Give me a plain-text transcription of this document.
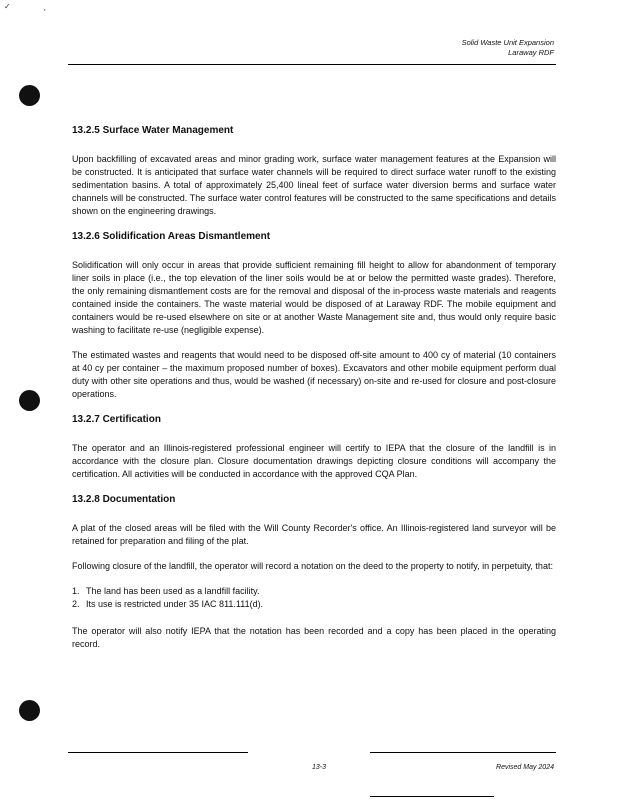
✓
'
Solid Waste Unit Expansion
Laraway RDF
13.2.5 Surface Water Management

Upon backfilling of excavated areas and minor grading work, surface water management features at the Expansion will be constructed. It is anticipated that surface water channels will be required to direct surface water runoff to the existing sedimentation basins. A total of approximately 25,400 lineal feet of surface water diversion berms and surface water channels will be constructed. The surface water control features will be constructed to the same specifications and details shown on the engineering drawings.

13.2.6 Solidification Areas Dismantlement

Solidification will only occur in areas that provide sufficient remaining fill height to allow for abandonment of temporary liner soils in place (i.e., the top elevation of the liner soils would be at or below the permitted waste grades). Therefore, the only remaining dismantlement costs are for the removal and disposal of the in-process waste materials and reagents contained inside the containers. The waste material would be disposed of at Laraway RDF. The mobile equipment and containers would be re-used elsewhere on site or at another Waste Management site and, thus would only require basic washing to facilitate re-use (negligible expense).

The estimated wastes and reagents that would need to be disposed off-site amount to 400 cy of material (10 containers at 40 cy per container – the maximum proposed number of boxes). Excavators and other mobile equipment perform dual duty with other site operations and thus, would be washed (if necessary) on-site and re-used for closure and post-closure operations.

13.2.7 Certification

The operator and an Illinois-registered professional engineer will certify to IEPA that the closure of the landfill is in accordance with the closure plan. Closure documentation drawings depicting closure conditions will accompany the certification. All activities will be conducted in accordance with the approved CQA Plan.

13.2.8 Documentation

A plat of the closed areas will be filed with the Will County Recorder's office. An Illinois-registered land surveyor will be retained for preparation and filing of the plat.

Following closure of the landfill, the operator will record a notation on the deed to the property to notify, in perpetuity, that:

1. The land has been used as a landfill facility.
2. Its use is restricted under 35 IAC 811.111(d).

The operator will also notify IEPA that the notation has been recorded and a copy has been placed in the operating record.

13-3	Revised May 2024
